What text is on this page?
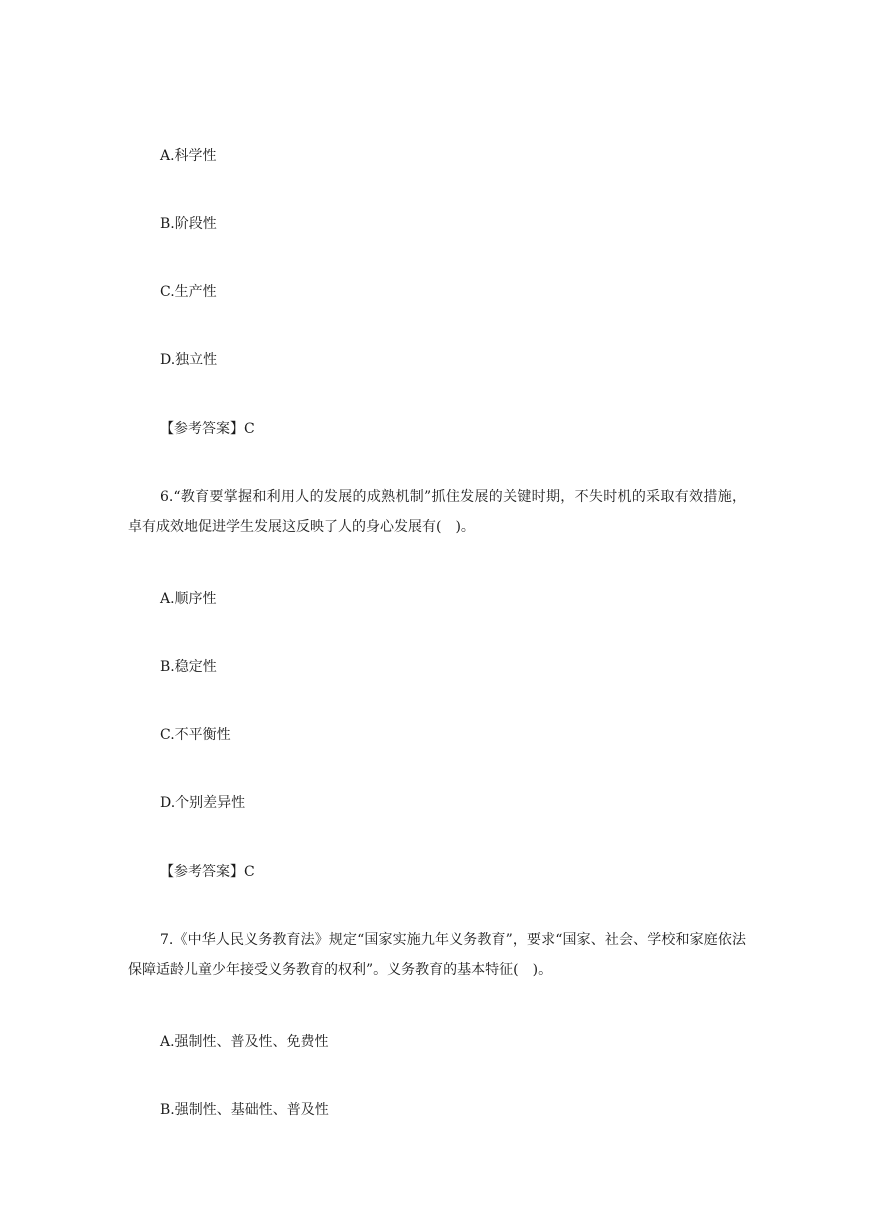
A.科学性
B.阶段性
C.生产性
D.独立性
【参考答案】C
6.“教育要掌握和利用人的发展的成熟机制”抓住发展的关键时期，不失时机的采取有效措施，卓有成效地促进学生发展这反映了人的身心发展有(　)。
A.顺序性
B.稳定性
C.不平衡性
D.个别差异性
【参考答案】C
7.《中华人民义务教育法》规定“国家实施九年义务教育”，要求“国家、社会、学校和家庭依法保障适龄儿童少年接受义务教育的权利”。义务教育的基本特征(　)。
A.强制性、普及性、免费性
B.强制性、基础性、普及性
